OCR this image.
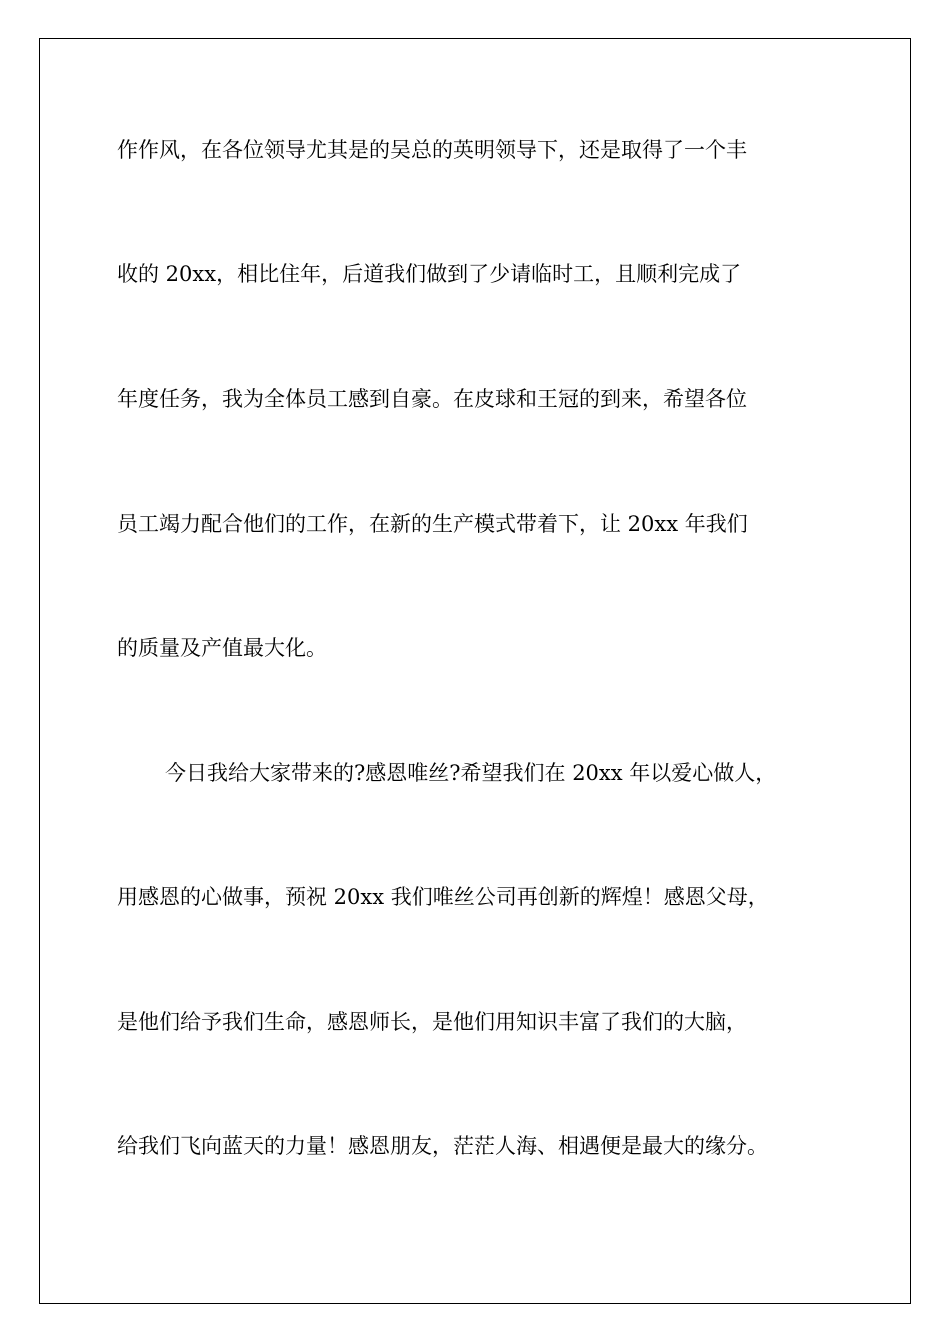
作作风，在各位领导尤其是的吴总的英明领导下，还是取得了一个丰

收的 20xx，相比住年，后道我们做到了少请临时工，且顺利完成了

年度任务，我为全体员工感到自豪。在皮球和王冠的到来，希望各位

员工竭力配合他们的工作，在新的生产模式带着下，让 20xx 年我们

的质量及产值最大化。

今日我给大家带来的?感恩唯丝?希望我们在 20xx 年以爱心做人，

用感恩的心做事，预祝 20xx 我们唯丝公司再创新的辉煌！感恩父母，

是他们给予我们生命，感恩师长，是他们用知识丰富了我们的大脑，

给我们飞向蓝天的力量！感恩朋友，茫茫人海、相遇便是最大的缘分。
